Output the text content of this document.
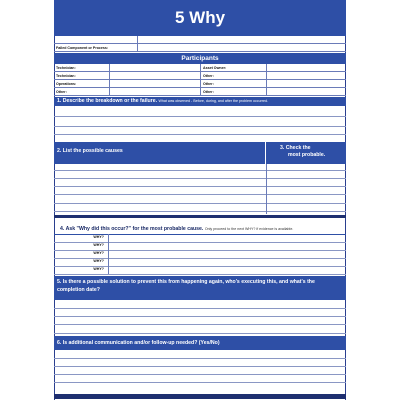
5 Why
Failed Component or Process:
Participants
Technician:	Asset Owner:
Technician:	Other:
Operations:	Other:
Other:	Other:
1. Describe the breakdown or the failure. What was observed - Before, during, and after the problem occurred.
2. List the possible causes	3. Check the
most probable.
4. Ask "Why did this occur?" for the most probable cause. Only proceed to the next WHY? if evidence is available.
WHY?
WHY?
WHY?
WHY?
WHY?
5. Is there a possible solution to prevent this from happening again, who's executing this, and what's the
completion date?
6. Is additional communication and/or follow-up needed? (Yes/No)
